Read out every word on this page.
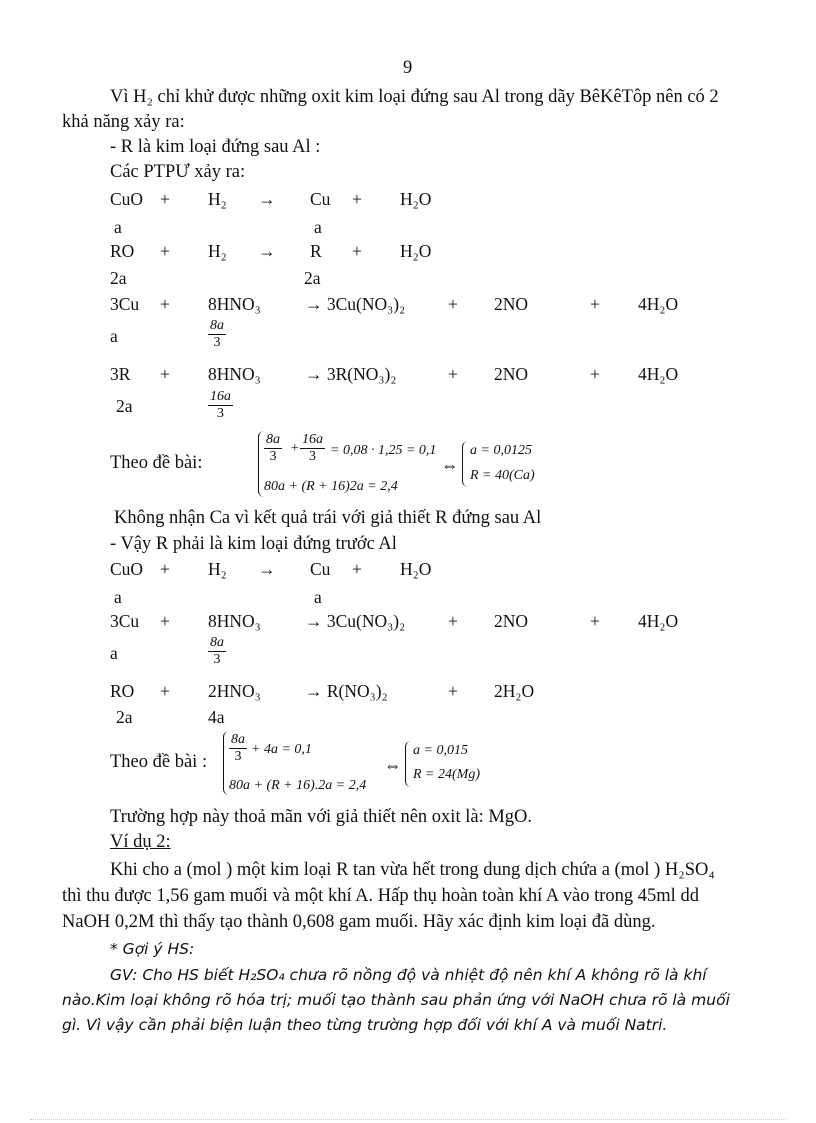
9
Vì H₂ chỉ khử được những oxit kim loại đứng sau Al trong dãy BêKêTôp nên có 2
khả năng xảy ra:
- R là kim loại đứng sau Al :
Các PTPƯ xảy ra:
CuO + H₂ → Cu + H₂O
a	a
RO + H₂ → R + H₂O
2a	2a
3Cu + 8HNO₃	→ 3Cu(NO₃)₂ + 2NO	+ 4H₂O
a	$\frac{8a}{3}$
3R + 8HNO₃	→ 3R(NO₃)₂	+ 2NO	+ 4H₂O
2a	$\frac{16a}{3}$
Theo đề bài:	$\frac{8a}{3} + \frac{16a}{3} = 0,08 \cdot 1,25 = 0,1$
80a + (R + 16)2a = 2,4
⇔
a = 0,0125
R = 40(Ca)
Không nhận Ca vì kết quả trái với giả thiết R đứng sau Al
- Vậy R phải là kim loại đứng trước Al
CuO + H₂ → Cu + H₂O
a	a
3Cu + 8HNO₃	→ 3Cu(NO₃)₂ + 2NO	+ 4H₂O
a	$\frac{8a}{3}$
RO + 2HNO₃	→ R(NO₃)₂	+ 2H₂O
2a	4a
Theo đề bài : $\frac{8a}{3} + 4a = 0,1$
80a + (R + 16).2a = 2,4
⇔
a = 0,015
R = 24(Mg)
Trường hợp này thoả mãn với giả thiết nên oxit là: MgO.
Ví dụ 2:
Khi cho a (mol ) một kim loại R tan vừa hết trong dung dịch chứa a (mol ) H₂SO₄
thì thu được 1,56 gam muối và một khí A. Hấp thụ hoàn toàn khí A vào trong 45ml dd
NaOH 0,2M thì thấy tạo thành 0,608 gam muối. Hãy xác định kim loại đã dùng.
* Gợi ý HS:
GV: Cho HS biết H₂SO₄ chưa rõ nồng độ và nhiệt độ nên khí A không rõ là khí
nào.Kim loại không rõ hóa trị; muối tạo thành sau phản ứng với NaOH chưa rõ là muối
gì. Vì vậy cần phải biện luận theo từng trường hợp đối với khí A và muối Natri.
